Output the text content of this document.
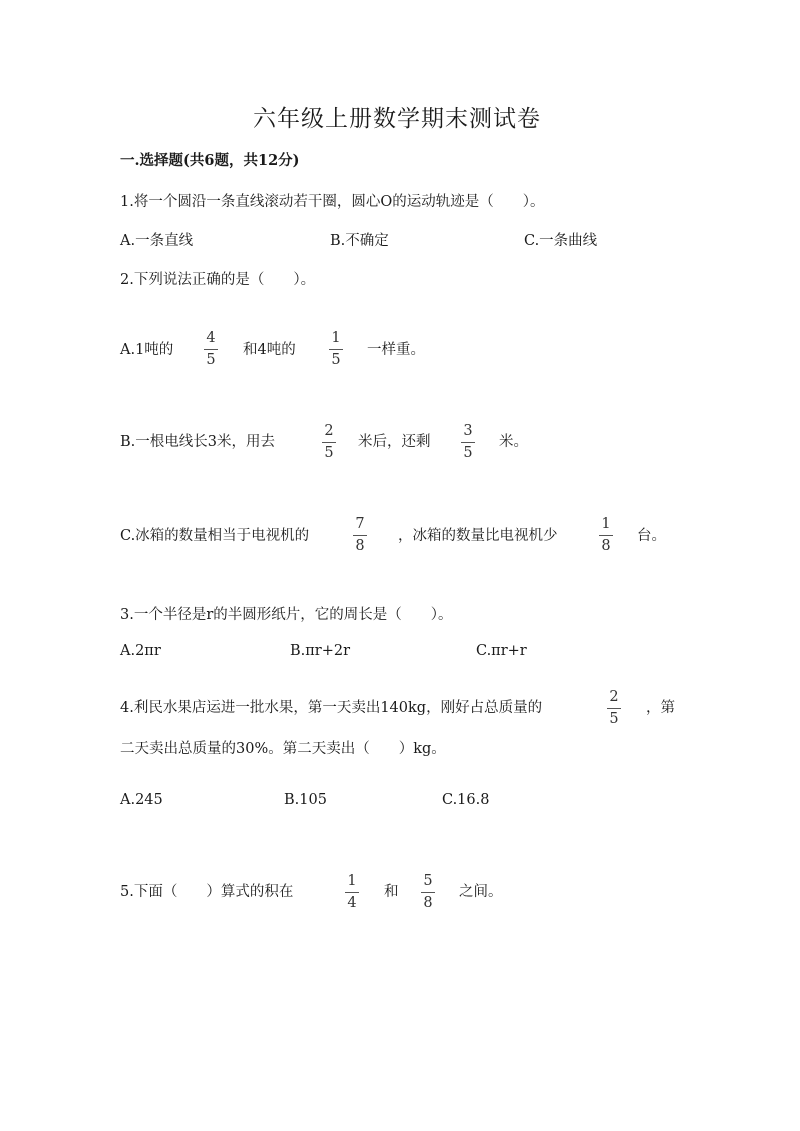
六年级上册数学期末测试卷
一.选择题(共6题，共12分)
1.将一个圆沿一条直线滚动若干圈，圆心O的运动轨迹是（　　）。
A.一条直线	B.不确定	C.一条曲线
2.下列说法正确的是（　　）。
A.1吨的
4
5
和4吨的
1
5
一样重。
B.一根电线长3米，用去
2
5
米后，还剩
3
5
米。
C.冰箱的数量相当于电视机的
7
8
，冰箱的数量比电视机少
1
8
台。
3.一个半径是r的半圆形纸片，它的周长是（　　）。
A.2πr	B.πr+2r	C.πr+r
4.利民水果店运进一批水果，第一天卖出140kg，刚好占总质量的
2
5
，第
二天卖出总质量的30%。第二天卖出（　　）kg。
A.245	B.105	C.16.8
5.下面（　　）算式的积在
1
4
和
5
8
之间。
